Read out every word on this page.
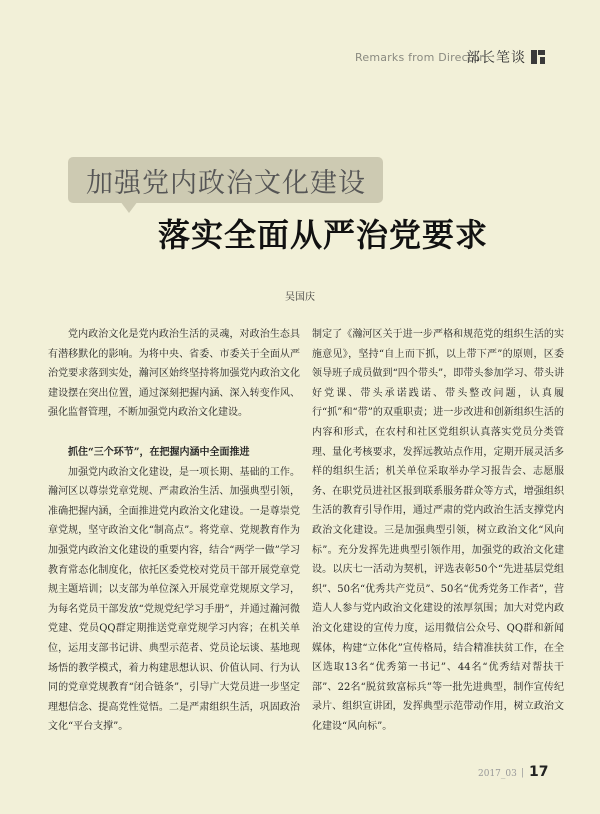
Remarks from Director
部长笔谈
加强党内政治文化建设
落实全面从严治党要求
吴国庆

党内政治文化是党内政治生活的灵魂，对政治生态具有潜移默化的影响。为将中央、省委、市委关于全面从严治党要求落到实处，瀚河区始终坚持将加强党内政治文化建设摆在突出位置，通过深刻把握内涵、深入转变作风、强化监督管理，不断加强党内政治文化建设。

抓住“三个环节”，在把握内涵中全面推进

加强党内政治文化建设，是一项长期、基础的工作。瀚河区以尊崇党章党规、严肃政治生活、加强典型引领，准确把握内涵，全面推进党内政治文化建设。一是尊崇党章党规，坚守政治文化“制高点”。将党章、党规教育作为加强党内政治文化建设的重要内容，结合“两学一做”学习教育常态化制度化，依托区委党校对党员干部开展党章党规主题培训；以支部为单位深入开展党章党规原文学习，为每名党员干部发放“党规党纪学习手册”，并通过瀚河微党建、党员QQ群定期推送党章党规学习内容；在机关单位，运用支部书记讲、典型示范者、党员论坛谈、基地现场悟的教学模式，着力构建思想认识、价值认同、行为认同的党章党规教育“闭合链条”，引导广大党员进一步坚定理想信念、提高党性觉悟。二是严肃组织生活，巩固政治文化“平台支撑”。

制定了《瀚河区关于进一步严格和规范党的组织生活的实施意见》，坚持“自上而下抓，以上带下严”的原则，区委领导班子成员做到“四个带头”，即带头参加学习、带头讲好党课、带头承诺践诺、带头整改问题，认真履行“抓”和“带”的双重职责；进一步改进和创新组织生活的内容和形式，在农村和社区党组织认真落实党员分类管理、量化考核要求，发挥远教站点作用，定期开展灵活多样的组织生活；机关单位采取举办学习报告会、志愿服务、在职党员进社区报到联系服务群众等方式，增强组织生活的教育引导作用，通过严肃的党内政治生活支撑党内政治文化建设。三是加强典型引领，树立政治文化“风向标”。充分发挥先进典型引领作用，加强党的政治文化建设。以庆七一活动为契机，评选表彰50个“先进基层党组织”、50名“优秀共产党员”、50名“优秀党务工作者”，营造人人参与党内政治文化建设的浓厚氛围；加大对党内政治文化建设的宣传力度，运用微信公众号、QQ群和新闻媒体，构建“立体化”宣传格局，结合精准扶贫工作，在全区选取13名“优秀第一书记”、44名“优秀结对帮扶干部”、22名“脱贫致富标兵”等一批先进典型，制作宣传纪录片、组织宣讲团，发挥典型示范带动作用，树立政治文化建设“风向标”。

2017_03 | 17
